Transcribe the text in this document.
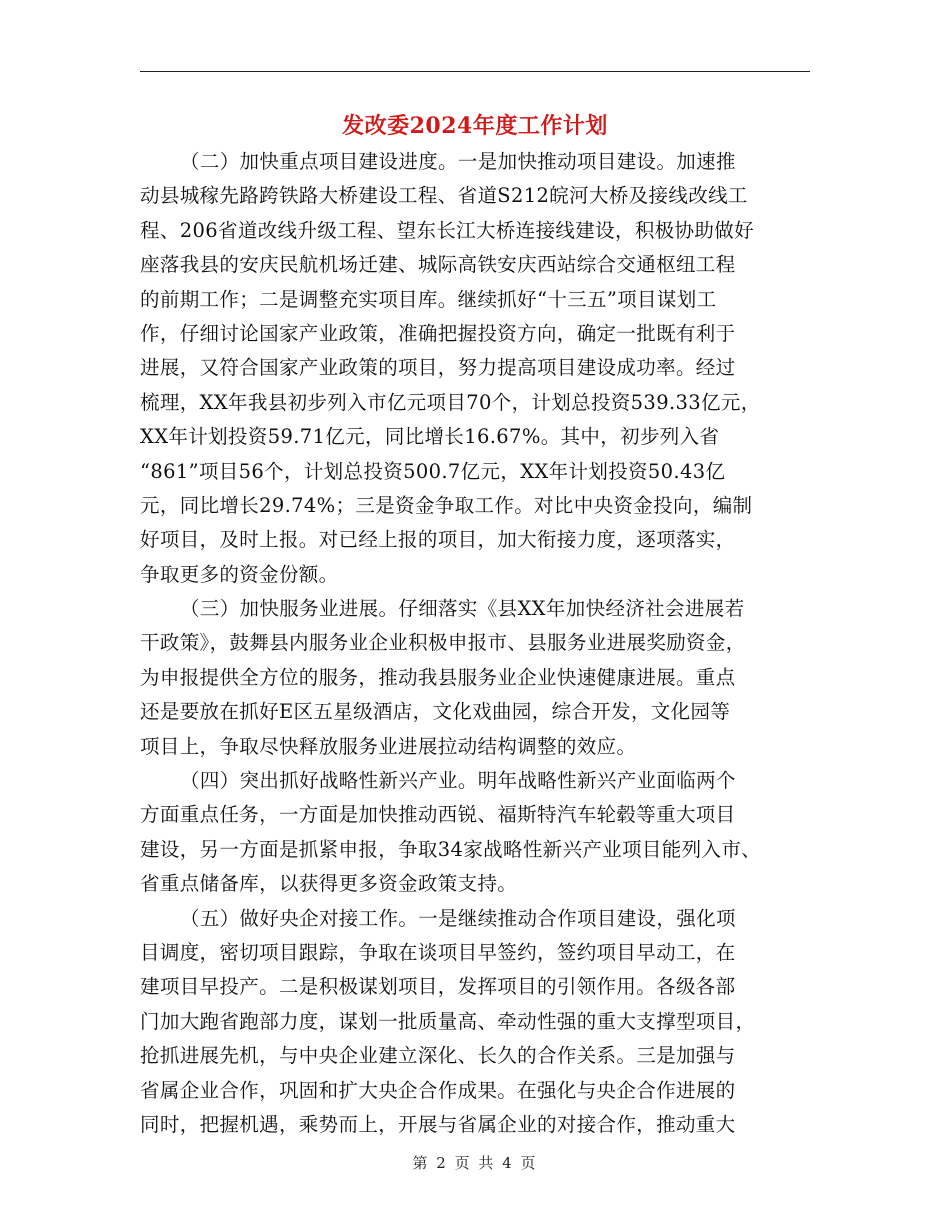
发改委2024年度工作计划
（二）加快重点项目建设进度。一是加快推动项目建设。加速推
动县城稼先路跨铁路大桥建设工程、省道S212皖河大桥及接线改线工
程、206省道改线升级工程、望东长江大桥连接线建设，积极协助做好
座落我县的安庆民航机场迁建、城际高铁安庆西站综合交通枢纽工程
的前期工作；二是调整充实项目库。继续抓好“十三五”项目谋划工
作，仔细讨论国家产业政策，准确把握投资方向，确定一批既有利于
进展，又符合国家产业政策的项目，努力提高项目建设成功率。经过
梳理，XX年我县初步列入市亿元项目70个，计划总投资539.33亿元，
XX年计划投资59.71亿元，同比增长16.67%。其中，初步列入省
“861”项目56个，计划总投资500.7亿元，XX年计划投资50.43亿
元，同比增长29.74%；三是资金争取工作。对比中央资金投向，编制
好项目，及时上报。对已经上报的项目，加大衔接力度，逐项落实，
争取更多的资金份额。
（三）加快服务业进展。仔细落实《县XX年加快经济社会进展若
干政策》，鼓舞县内服务业企业积极申报市、县服务业进展奖励资金，
为申报提供全方位的服务，推动我县服务业企业快速健康进展。重点
还是要放在抓好E区五星级酒店，文化戏曲园，综合开发，文化园等
项目上，争取尽快释放服务业进展拉动结构调整的效应。
（四）突出抓好战略性新兴产业。明年战略性新兴产业面临两个
方面重点任务，一方面是加快推动西锐、福斯特汽车轮毂等重大项目
建设，另一方面是抓紧申报，争取34家战略性新兴产业项目能列入市、
省重点储备库，以获得更多资金政策支持。
（五）做好央企对接工作。一是继续推动合作项目建设，强化项
目调度，密切项目跟踪，争取在谈项目早签约，签约项目早动工，在
建项目早投产。二是积极谋划项目，发挥项目的引领作用。各级各部
门加大跑省跑部力度，谋划一批质量高、牵动性强的重大支撑型项目，
抢抓进展先机，与中央企业建立深化、长久的合作关系。三是加强与
省属企业合作，巩固和扩大央企合作成果。在强化与央企合作进展的
同时，把握机遇，乘势而上，开展与省属企业的对接合作，推动重大
第 2 页 共 4 页
